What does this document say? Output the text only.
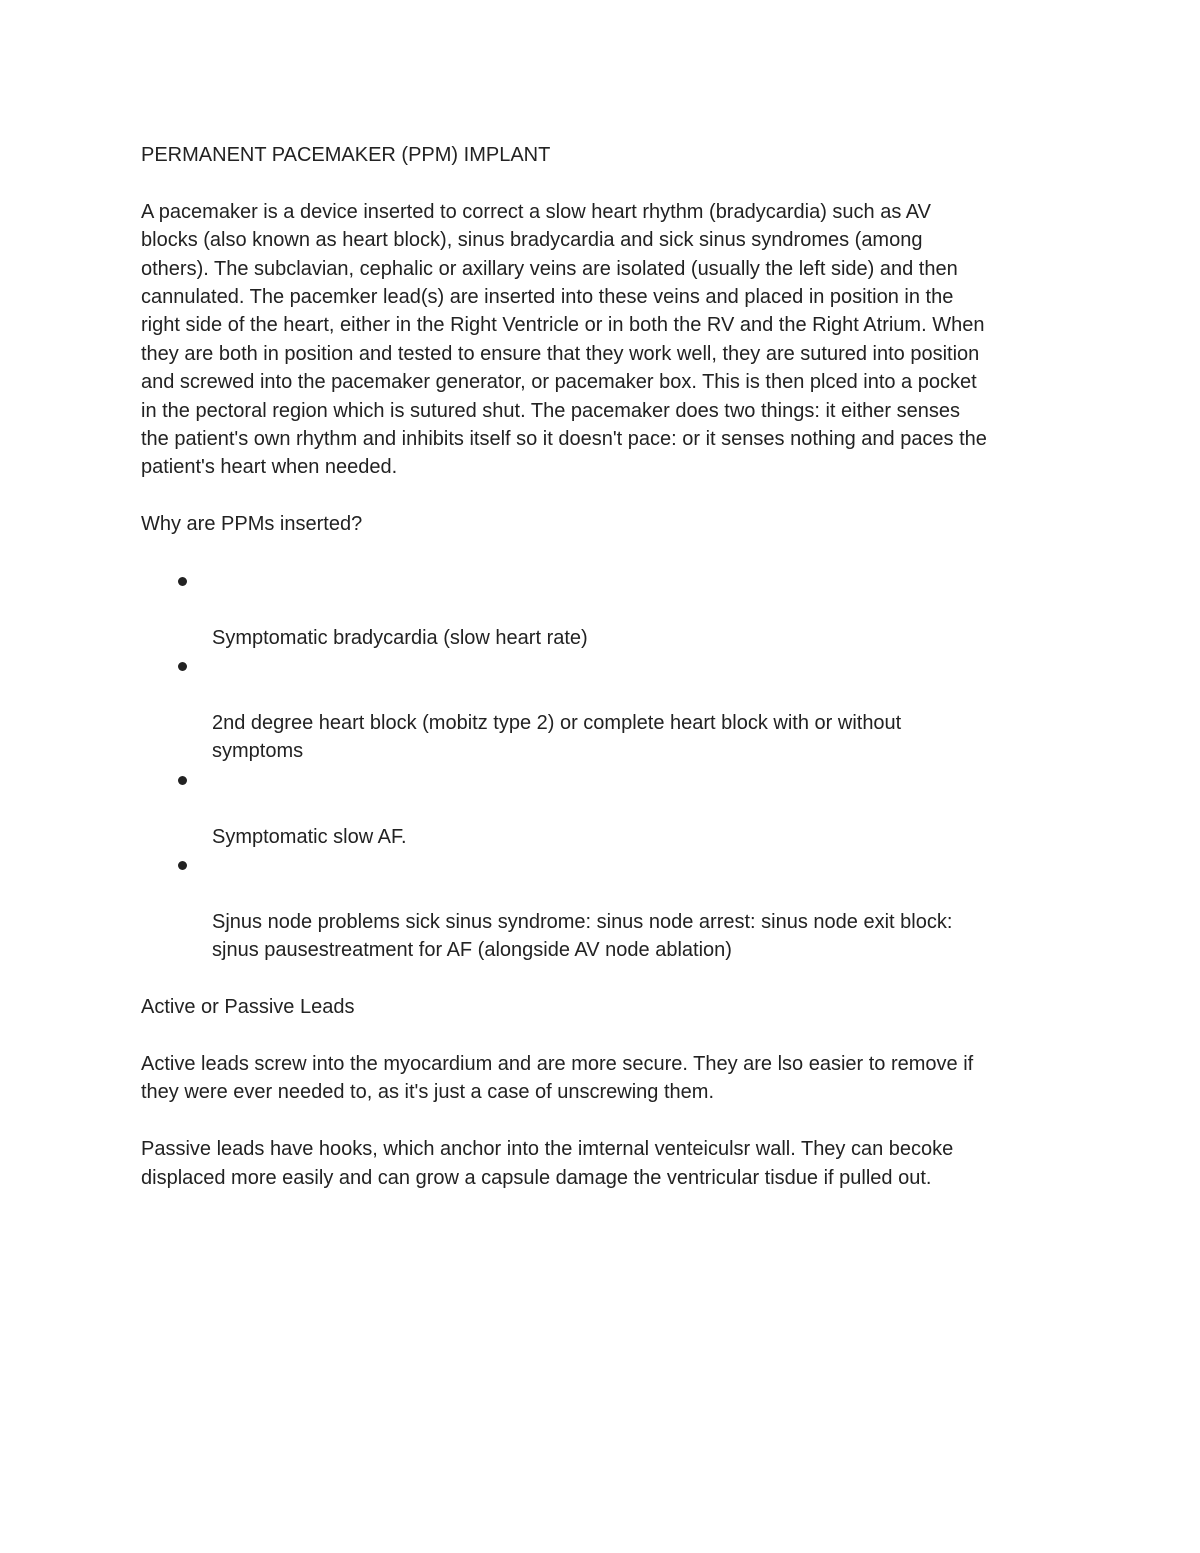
PERMANENT PACEMAKER (PPM) IMPLANT

A pacemaker is a device inserted to correct a slow heart rhythm (bradycardia) such as AV
blocks (also known as heart block), sinus bradycardia and sick sinus syndromes (among
others). The subclavian, cephalic or axillary veins are isolated (usually the left side) and then
cannulated. The pacemker lead(s) are inserted into these veins and placed in position in the
right side of the heart, either in the Right Ventricle or in both the RV and the Right Atrium. When
they are both in position and tested to ensure that they work well, they are sutured into position
and screwed into the pacemaker generator, or pacemaker box. This is then plced into a pocket
in the pectoral region which is sutured shut. The pacemaker does two things: it either senses
the patient's own rhythm and inhibits itself so it doesn't pace: or it senses nothing and paces the
patient's heart when needed.

Why are PPMs inserted?

Symptomatic bradycardia (slow heart rate)

2nd degree heart block (mobitz type 2) or complete heart block with or without
symptoms

Symptomatic slow AF.

Sjnus node problems sick sinus syndrome: sinus node arrest: sinus node exit block:
sjnus pausestreatment for AF (alongside AV node ablation)

Active or Passive Leads

Active leads screw into the myocardium and are more secure. They are lso easier to remove if
they were ever needed to, as it's just a case of unscrewing them.

Passive leads have hooks, which anchor into the imternal venteiculsr wall. They can becoke
displaced more easily and can grow a capsule damage the ventricular tisdue if pulled out.
